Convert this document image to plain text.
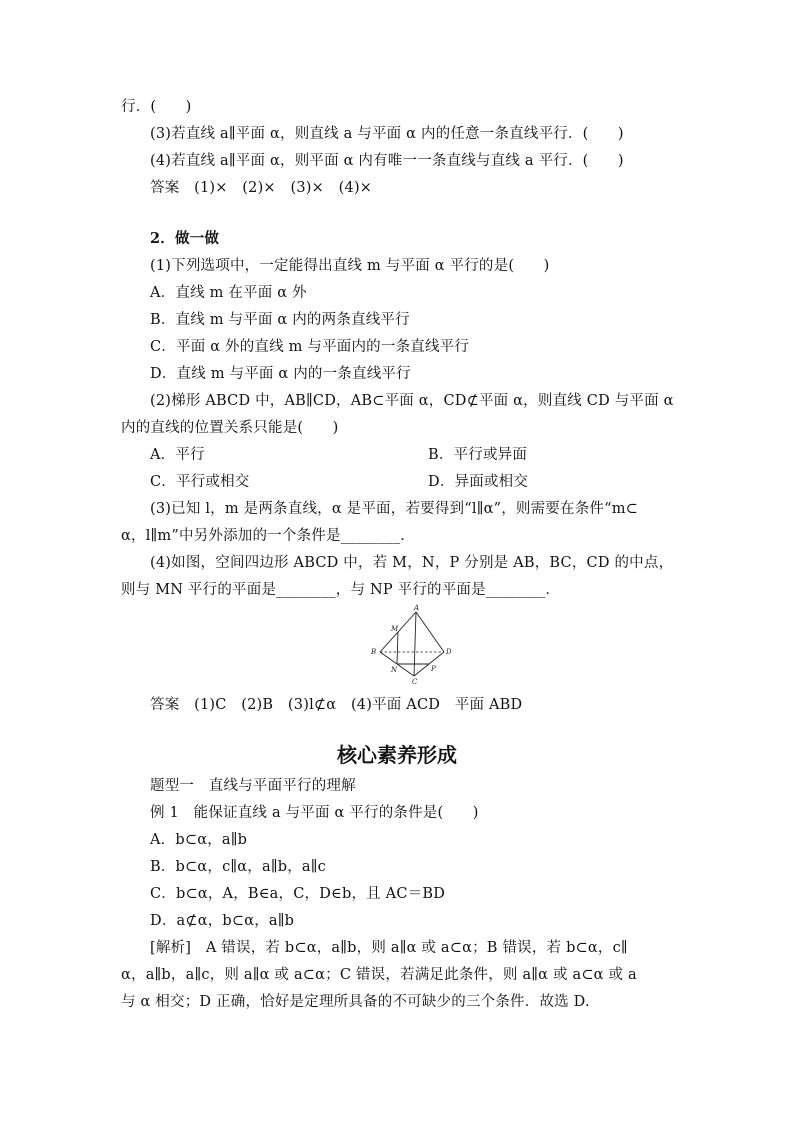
行．(　　)
(3)若直线 a∥平面 α，则直线 a 与平面 α 内的任意一条直线平行．(　　)
(4)若直线 a∥平面 α，则平面 α 内有唯一一条直线与直线 a 平行．(　　)
答案　(1)×　(2)×　(3)×　(4)×
2．做一做
(1)下列选项中，一定能得出直线 m 与平面 α 平行的是(　　)
A．直线 m 在平面 α 外
B．直线 m 与平面 α 内的两条直线平行
C．平面 α 外的直线 m 与平面内的一条直线平行
D．直线 m 与平面 α 内的一条直线平行
(2)梯形 ABCD 中，AB∥CD，AB⊂平面 α，CD⊄平面 α，则直线 CD 与平面 α
内的直线的位置关系只能是(　　)
A．平行	B．平行或异面
C．平行或相交	D．异面或相交
(3)已知 l，m 是两条直线，α 是平面，若要得到“l∥α”，则需要在条件“m⊂
α，l∥m”中另外添加的一个条件是________．
(4)如图，空间四边形 ABCD 中，若 M，N，P 分别是 AB，BC，CD 的中点，
则与 MN 平行的平面是________，与 NP 平行的平面是________．
A
B
C
D
M
N	P
答案　(1)C　(2)B　(3)l⊄α　(4)平面 ACD　平面 ABD
核心素养形成
题型一　直线与平面平行的理解
例 1　能保证直线 a 与平面 α 平行的条件是(　　)
A．b⊂α，a∥b
B．b⊂α，c∥α，a∥b，a∥c
C．b⊂α，A，B∈a，C，D∈b，且 AC＝BD
D．a⊄α，b⊂α，a∥b
[解析]　A 错误，若 b⊂α，a∥b，则 a∥α 或 a⊂α；B 错误，若 b⊂α，c∥
α，a∥b，a∥c，则 a∥α 或 a⊂α；C 错误，若满足此条件，则 a∥α 或 a⊂α 或 a
与 α 相交；D 正确，恰好是定理所具备的不可缺少的三个条件．故选 D.
